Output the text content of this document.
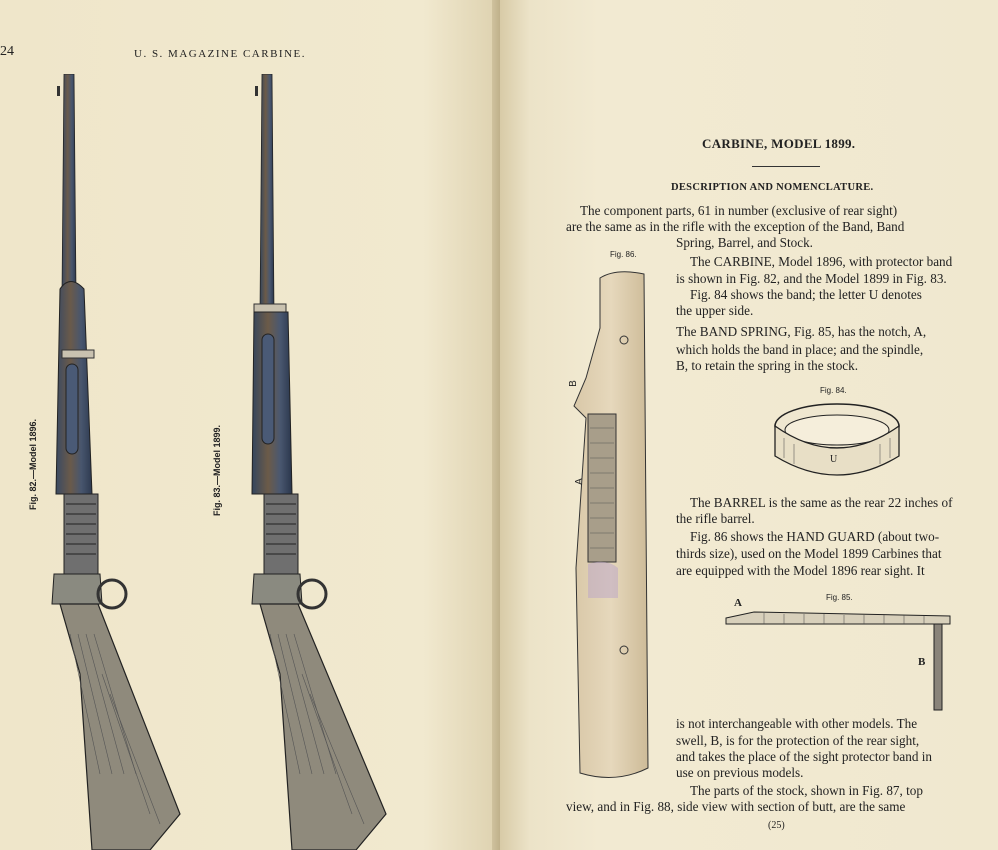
24	U. S. MAGAZINE CARBINE.
Fig. 82.—Model 1896.	Fig. 83.—Model 1899.
CARBINE, MODEL 1899.
DESCRIPTION AND NOMENCLATURE.
Fig. 86.
B
A
Fig. 84.
U
Fig. 85.
A
B
The component parts, 61 in number (exclusive of rear sight)
are the same as in the rifle with the exception of the Band, Band
Spring, Barrel, and Stock.
The CARBINE, Model 1896, with protector band
is shown in Fig. 82, and the Model 1899 in Fig. 83.
Fig. 84 shows the band; the letter U denotes
the upper side.
The BAND SPRING, Fig. 85, has the notch, A,
which holds the band in place; and the spindle,
B, to retain the spring in the stock.
The BARREL is the same as the rear 22 inches of
the rifle barrel.
Fig. 86 shows the HAND GUARD (about two-
thirds size), used on the Model 1899 Carbines that
are equipped with the Model 1896 rear sight. It
is not interchangeable with other models. The
swell, B, is for the protection of the rear sight,
and takes the place of the sight protector band in
use on previous models.
The parts of the stock, shown in Fig. 87, top
view, and in Fig. 88, side view with section of butt, are the same
(25)
